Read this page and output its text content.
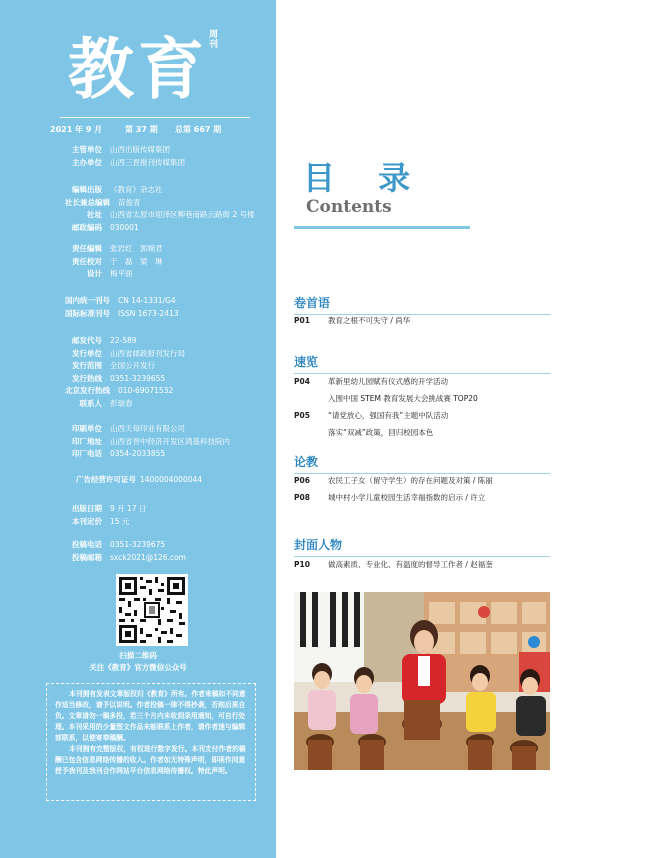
教育 周刊
2021 年 9 月	第 37 期 总第 667 期
扫描二维码
关注《教育》官方微信公众号

本刊拥有发表文章版权归《教育》所有。作者来稿如不同意作适当修改，请予以说明。作者投稿一律不得抄袭，否则后果自负。文章请勿一稿多投，若三个月内未收到录用通知，可自行处理。本刊采用的少量图文作品未能联系上作者，请作者速与编辑部联系，以便寄奉稿酬。

本刊拥有完整版权，有权进行数字发行。本刊支付作者的稿酬已包含信息网络传播的收入。作者如无特殊声明，即视作同意授予我刊及我刊合作网站平台信息网络传播权。特此声明。

主管单位 山西出版传媒集团
主办单位 山西三晋报刊传媒集团
编辑出版 《教育》杂志社
社长兼总编辑 苗俊青
社址 山西省太原市迎泽区柳巷南路云路街 2 号楼
邮政编码 030001
责任编辑 张岩红　郭婉君
责任校对 于　磊　梁　琳
设计 梅平面
国内统一刊号 CN 14-1331/G4
国际标准刊号 ISSN 1673-2413
邮发代号 22-589
发行单位 山西省邮政报刊发行局
发行范围 全国公开发行
发行热线 0351-3239655
北京发行热线 010-69071532
联系人 彭瑞春
印刷单位 山西天每印业有限公司
印厂地址 山西省晋中经济开发区鸿基科技院内
印厂电话 0354-2033855
广告经营许可证号 1400004000044
出版日期 9 月 17 日
本刊定价 15 元
投稿电话 0351-3239675
投稿邮箱 sxck2021@126.com
目 录
Contents
卷首语
P01 教育之根不可失守 / 尚华
速览
P04 革新里幼儿园赋有仪式感的开学活动
入围中国 STEM 教育发展大会挑战赛 TOP20
P05 “请党放心，强国有我”主题中队活动
落实“双减”政策，回归校园本色
论教
P06 农民工子女（留守学生）的存在问题及对策 / 陈丽
P08 城中村小学儿童校园生活幸福指数的启示 / 许立
封面人物
P10 做高素质、专业化、有温度的督导工作者 / 赵福奎
